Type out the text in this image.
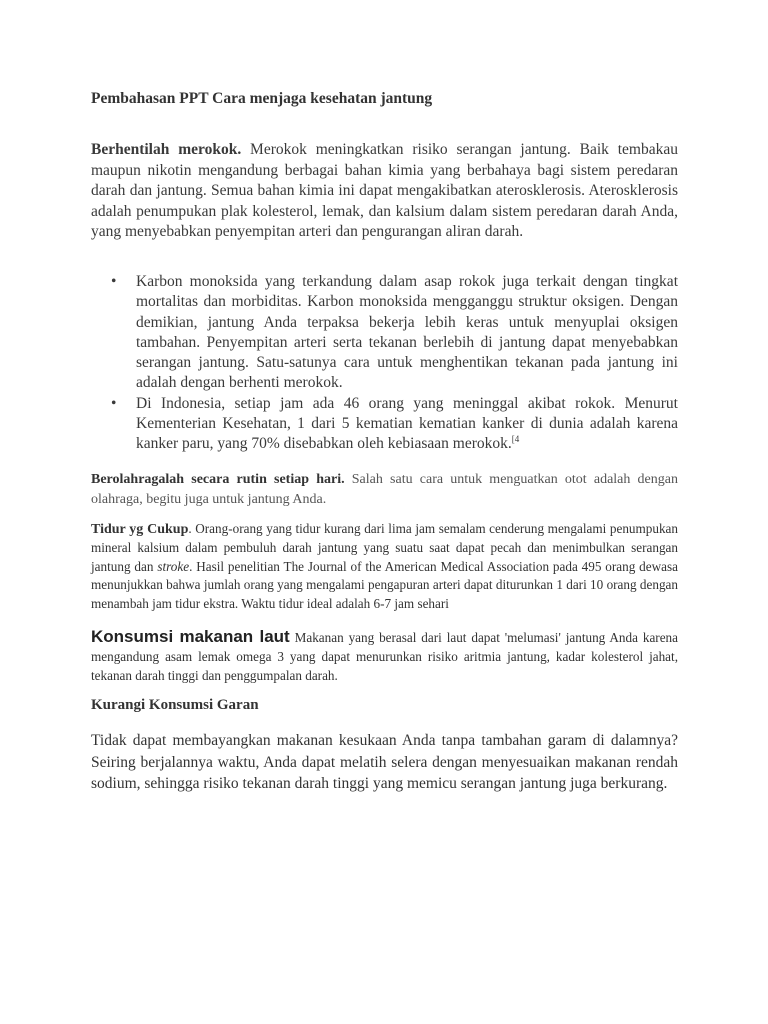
Pembahasan PPT Cara menjaga kesehatan jantung

Berhentilah merokok. Merokok meningkatkan risiko serangan jantung. Baik tembakau maupun nikotin mengandung berbagai bahan kimia yang berbahaya bagi sistem peredaran darah dan jantung. Semua bahan kimia ini dapat mengakibatkan aterosklerosis. Aterosklerosis adalah penumpukan plak kolesterol, lemak, dan kalsium dalam sistem peredaran darah Anda, yang menyebabkan penyempitan arteri dan pengurangan aliran darah.

• Karbon monoksida yang terkandung dalam asap rokok juga terkait dengan tingkat mortalitas dan morbiditas. Karbon monoksida mengganggu struktur oksigen. Dengan demikian, jantung Anda terpaksa bekerja lebih keras untuk menyuplai oksigen tambahan. Penyempitan arteri serta tekanan berlebih di jantung dapat menyebabkan serangan jantung. Satu-satunya cara untuk menghentikan tekanan pada jantung ini adalah dengan berhenti merokok.
• Di Indonesia, setiap jam ada 46 orang yang meninggal akibat rokok. Menurut Kementerian Kesehatan, 1 dari 5 kematian kematian kanker di dunia adalah karena kanker paru, yang 70% disebabkan oleh kebiasaan merokok.$^{[4}$

Berolahragalah secara rutin setiap hari. Salah satu cara untuk menguatkan otot adalah dengan olahraga, begitu juga untuk jantung Anda.

Tidur yg Cukup. Orang-orang yang tidur kurang dari lima jam semalam cenderung mengalami penumpukan mineral kalsium dalam pembuluh darah jantung yang suatu saat dapat pecah dan menimbulkan serangan jantung dan stroke. Hasil penelitian The Journal of the American Medical Association pada 495 orang dewasa menunjukkan bahwa jumlah orang yang mengalami pengapuran arteri dapat diturunkan 1 dari 10 orang dengan menambah jam tidur ekstra. Waktu tidur ideal adalah 6-7 jam sehari

Konsumsi makanan laut Makanan yang berasal dari laut dapat 'melumasi' jantung Anda karena mengandung asam lemak omega 3 yang dapat menurunkan risiko aritmia jantung, kadar kolesterol jahat, tekanan darah tinggi dan penggumpalan darah.

Kurangi Konsumsi Garan

Tidak dapat membayangkan makanan kesukaan Anda tanpa tambahan garam di dalamnya? Seiring berjalannya waktu, Anda dapat melatih selera dengan menyesuaikan makanan rendah sodium, sehingga risiko tekanan darah tinggi yang memicu serangan jantung juga berkurang.
